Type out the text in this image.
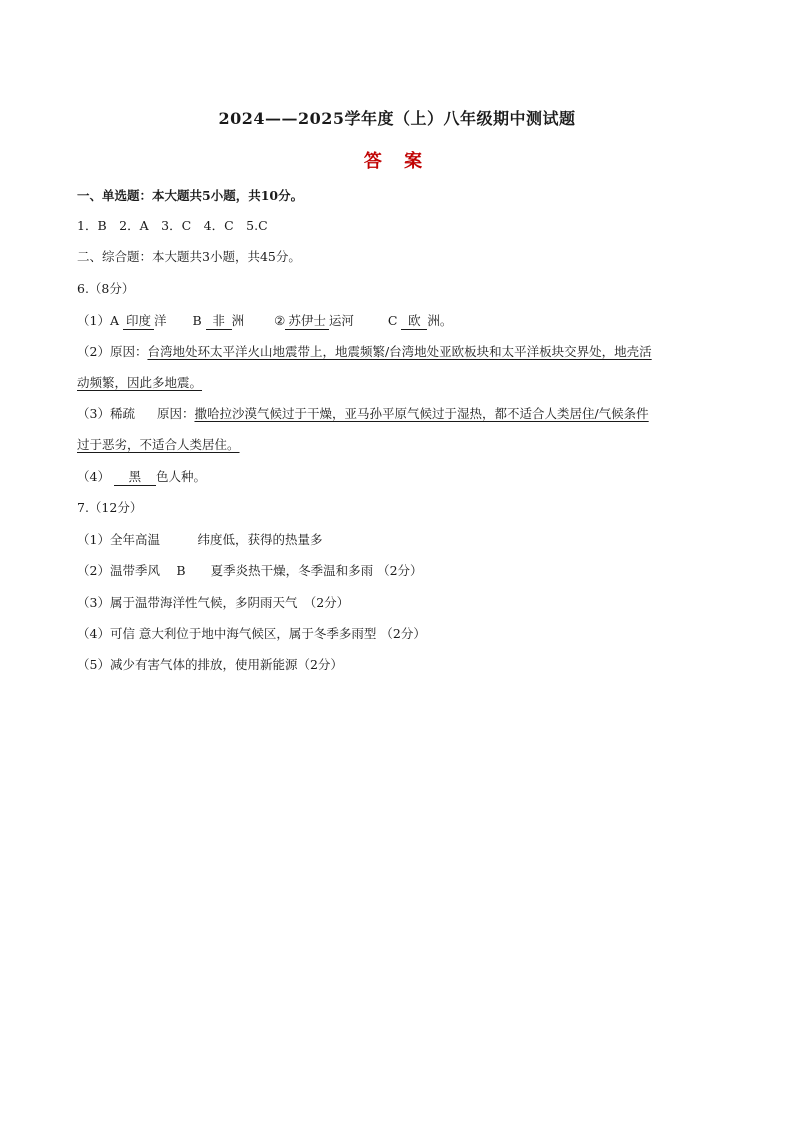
2024——2025学年度（上）八年级期中测试题
答 案
一、单选题：本大题共5小题，共10分。
1．B　2．A　3．C　4．C　5.C
二、综合题：本大题共3小题，共45分。
6.（8分）
（1）A 印度 洋 B 非 洲 ② 苏伊士 运河	C 欧 洲。
（2）原因：台湾地处环太平洋火山地震带上，地震频繁/台湾地处亚欧板块和太平洋板块交界处，地壳活
动频繁，因此多地震。
（3）稀疏 原因：撒哈拉沙漠气候过于干燥，亚马孙平原气候过于湿热，都不适合人类居住/气候条件
过于恶劣，不适合人类居住。
（4） 黑 色人种。
7.（12分）
（1）全年高温　　　纬度低，获得的热量多
（2）温带季风　 B　　夏季炎热干燥，冬季温和多雨 （2分）
（3）属于温带海洋性气候，多阴雨天气　（2分）
（4）可信 意大利位于地中海气候区，属于冬季多雨型 （2分）
（5）减少有害气体的排放，使用新能源（2分）
